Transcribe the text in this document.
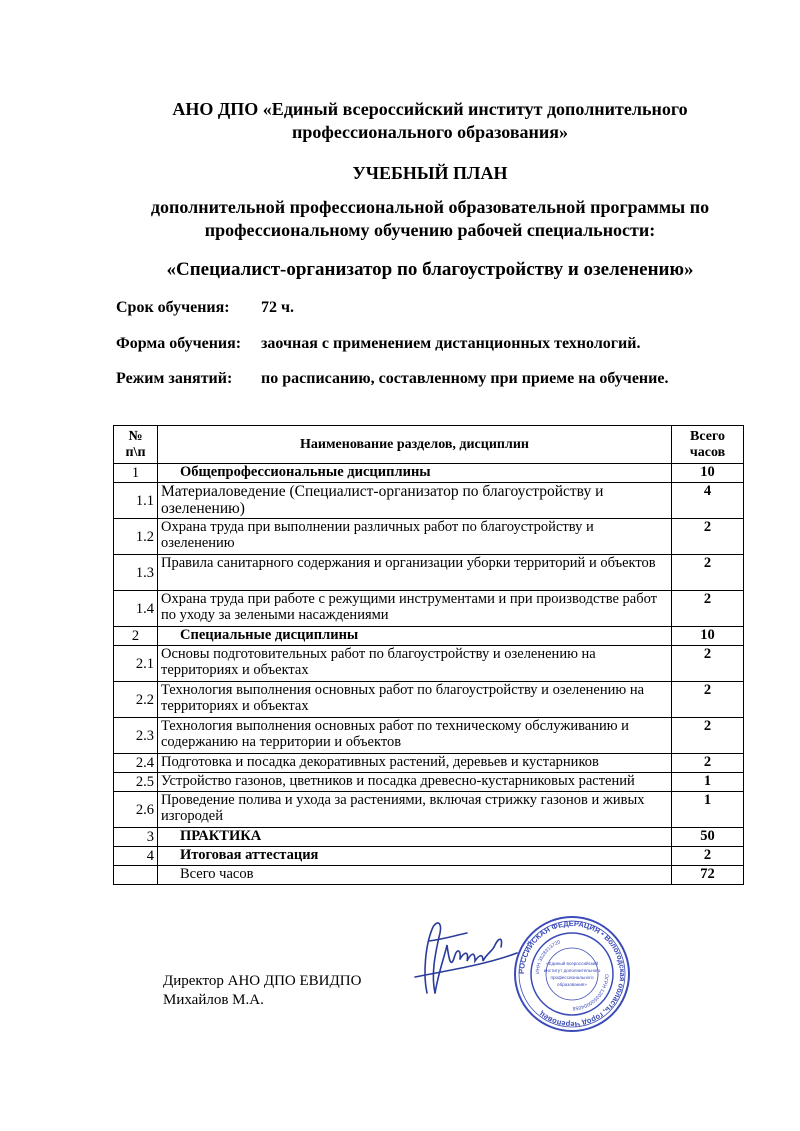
АНО ДПО «Единый всероссийский институт дополнительного
профессионального образования»
УЧЕБНЫЙ ПЛАН
дополнительной профессиональной образовательной программы по
профессиональному обучению рабочей специальности:
«Специалист-организатор по благоустройству и озеленению»
Срок обучения: 72 ч.
Форма обучения: заочная с применением дистанционных технологий.
Режим занятий: по расписанию, составленному при приеме на обучение.
№
п\п	Наименование разделов, дисциплин	Всего
часов
1	Общепрофессиональные дисциплины	10
1.1	Материаловедение (Специалист-организатор по благоустройству и озеленению)	4
1.2	Охрана труда при выполнении различных работ по благоустройству и озеленению	2
1.3	Правила санитарного содержания и организации уборки территорий и объектов	2
1.4	Охрана труда при работе с режущими инструментами и при производстве работ по уходу за зелеными насаждениями	2
2	Специальные дисциплины	10
2.1	Основы подготовительных работ по благоустройству и озеленению на территориях и объектах	2
2.2	Технология выполнения основных работ по благоустройству и озеленению на территориях и объектах	2
2.3	Технология выполнения основных работ по техническому обслуживанию и содержанию на территории и объектов	2
2.4	Подготовка и посадка декоративных растений, деревьев и кустарников	2
2.5	Устройство газонов, цветников и посадка древесно-кустарниковых растений	1
2.6	Проведение полива и ухода за растениями, включая стрижку газонов и живых изгородей	1
3	ПРАКТИКА	50
4	Итоговая аттестация	2
	Всего часов	72
Директор АНО ДПО ЕВИДПО
Михайлов М.А.
РОССИЙСКАЯ ФЕДЕРАЦИЯ • Вологодская область, город Череповец
ИНН 3528313720
ОГРН 1203500004058
«Единый всероссийский
институт дополнительного
профессионального
образования»
